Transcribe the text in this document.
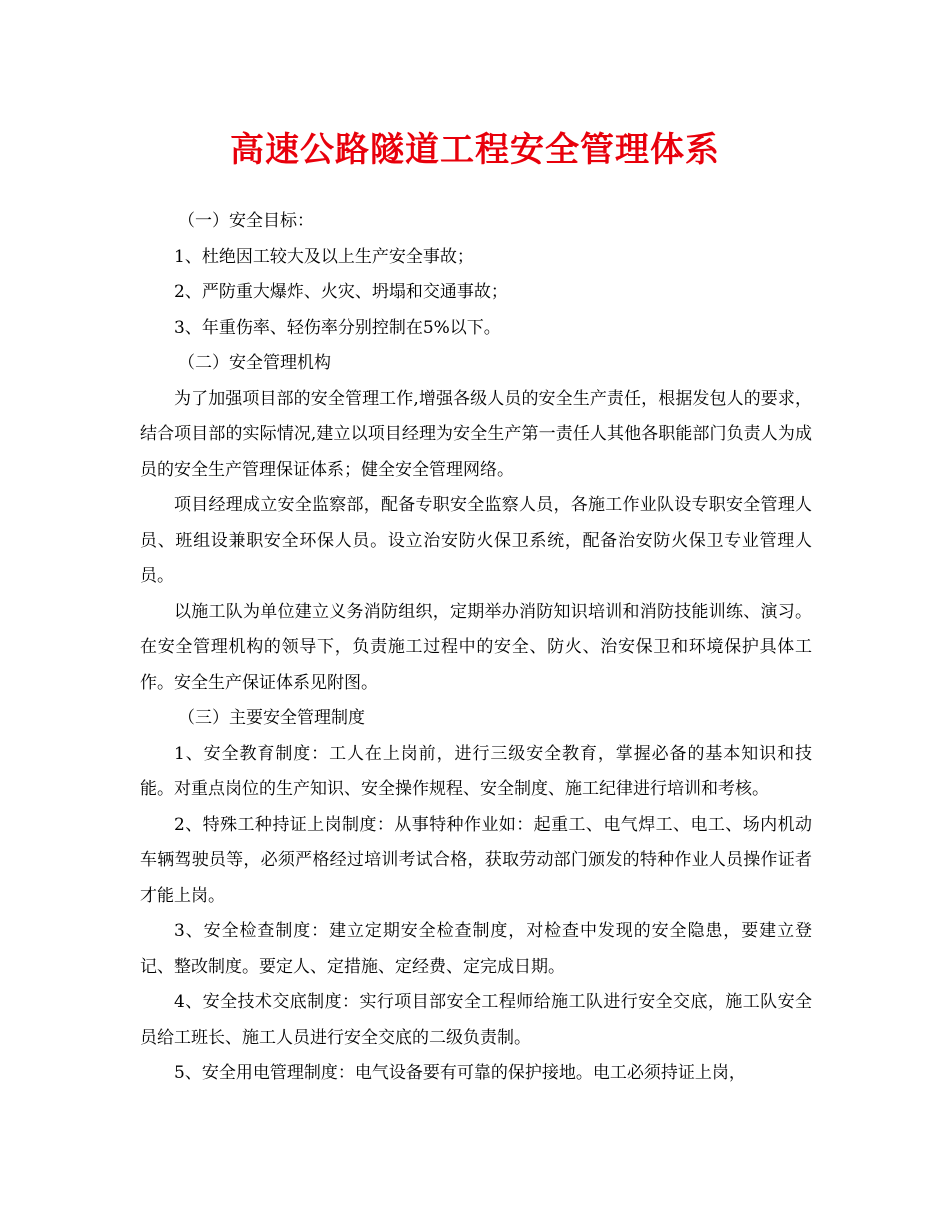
高速公路隧道工程安全管理体系

（一）安全目标：

1、杜绝因工较大及以上生产安全事故；

2、严防重大爆炸、火灾、坍塌和交通事故；

3、年重伤率、轻伤率分别控制在5%以下。

（二）安全管理机构

为了加强项目部的安全管理工作,增强各级人员的安全生产责任，根据发包人的要求，结合项目部的实际情况,建立以项目经理为安全生产第一责任人其他各职能部门负责人为成员的安全生产管理保证体系；健全安全管理网络。

项目经理成立安全监察部，配备专职安全监察人员，各施工作业队设专职安全管理人员、班组设兼职安全环保人员。设立治安防火保卫系统，配备治安防火保卫专业管理人员。

以施工队为单位建立义务消防组织，定期举办消防知识培训和消防技能训练、演习。在安全管理机构的领导下，负责施工过程中的安全、防火、治安保卫和环境保护具体工作。安全生产保证体系见附图。

（三）主要安全管理制度

1、安全教育制度：工人在上岗前，进行三级安全教育，掌握必备的基本知识和技能。对重点岗位的生产知识、安全操作规程、安全制度、施工纪律进行培训和考核。

2、特殊工种持证上岗制度：从事特种作业如：起重工、电气焊工、电工、场内机动车辆驾驶员等，必须严格经过培训考试合格，获取劳动部门颁发的特种作业人员操作证者才能上岗。

3、安全检查制度：建立定期安全检查制度，对检查中发现的安全隐患，要建立登记、整改制度。要定人、定措施、定经费、定完成日期。

4、安全技术交底制度：实行项目部安全工程师给施工队进行安全交底，施工队安全员给工班长、施工人员进行安全交底的二级负责制。

5、安全用电管理制度：电气设备要有可靠的保护接地。电工必须持证上岗，
